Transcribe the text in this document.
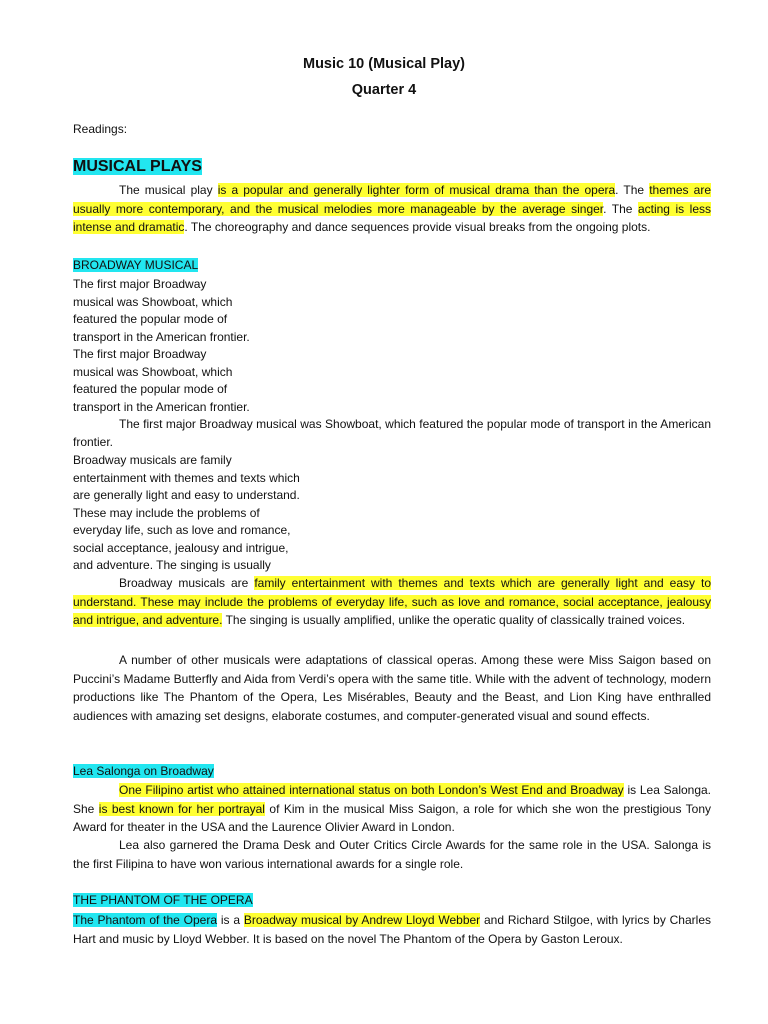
Music 10 (Musical Play)
Quarter 4
Readings:
MUSICAL PLAYS
The musical play is a popular and generally lighter form of musical drama than the opera. The themes are usually more contemporary, and the musical melodies more manageable by the average singer. The acting is less intense and dramatic. The choreography and dance sequences provide visual breaks from the ongoing plots.
BROADWAY MUSICAL
The first major Broadway
musical was Showboat, which
featured the popular mode of
transport in the American frontier.
The first major Broadway
musical was Showboat, which
featured the popular mode of
transport in the American frontier.
The first major Broadway musical was Showboat, which featured the popular mode of transport in the American frontier.
Broadway musicals are family
entertainment with themes and texts which
are generally light and easy to understand.
These may include the problems of
everyday life, such as love and romance,
social acceptance, jealousy and intrigue,
and adventure. The singing is usually
Broadway musicals are family entertainment with themes and texts which are generally light and easy to understand. These may include the problems of everyday life, such as love and romance, social acceptance, jealousy and intrigue, and adventure. The singing is usually amplified, unlike the operatic quality of classically trained voices.
A number of other musicals were adaptations of classical operas. Among these were Miss Saigon based on Puccini’s Madame Butterfly and Aida from Verdi’s opera with the same title. While with the advent of technology, modern productions like The Phantom of the Opera, Les Misérables, Beauty and the Beast, and Lion King have enthralled audiences with amazing set designs, elaborate costumes, and computer-generated visual and sound effects.
Lea Salonga on Broadway
One Filipino artist who attained international status on both London’s West End and Broadway is Lea Salonga. She is best known for her portrayal of Kim in the musical Miss Saigon, a role for which she won the prestigious Tony Award for theater in the USA and the Laurence Olivier Award in London.
Lea also garnered the Drama Desk and Outer Critics Circle Awards for the same role in the USA. Salonga is the first Filipina to have won various international awards for a single role.
THE PHANTOM OF THE OPERA
The Phantom of the Opera is a Broadway musical by Andrew Lloyd Webber and Richard Stilgoe, with lyrics by Charles Hart and music by Lloyd Webber. It is based on the novel The Phantom of the Opera by Gaston Leroux.
